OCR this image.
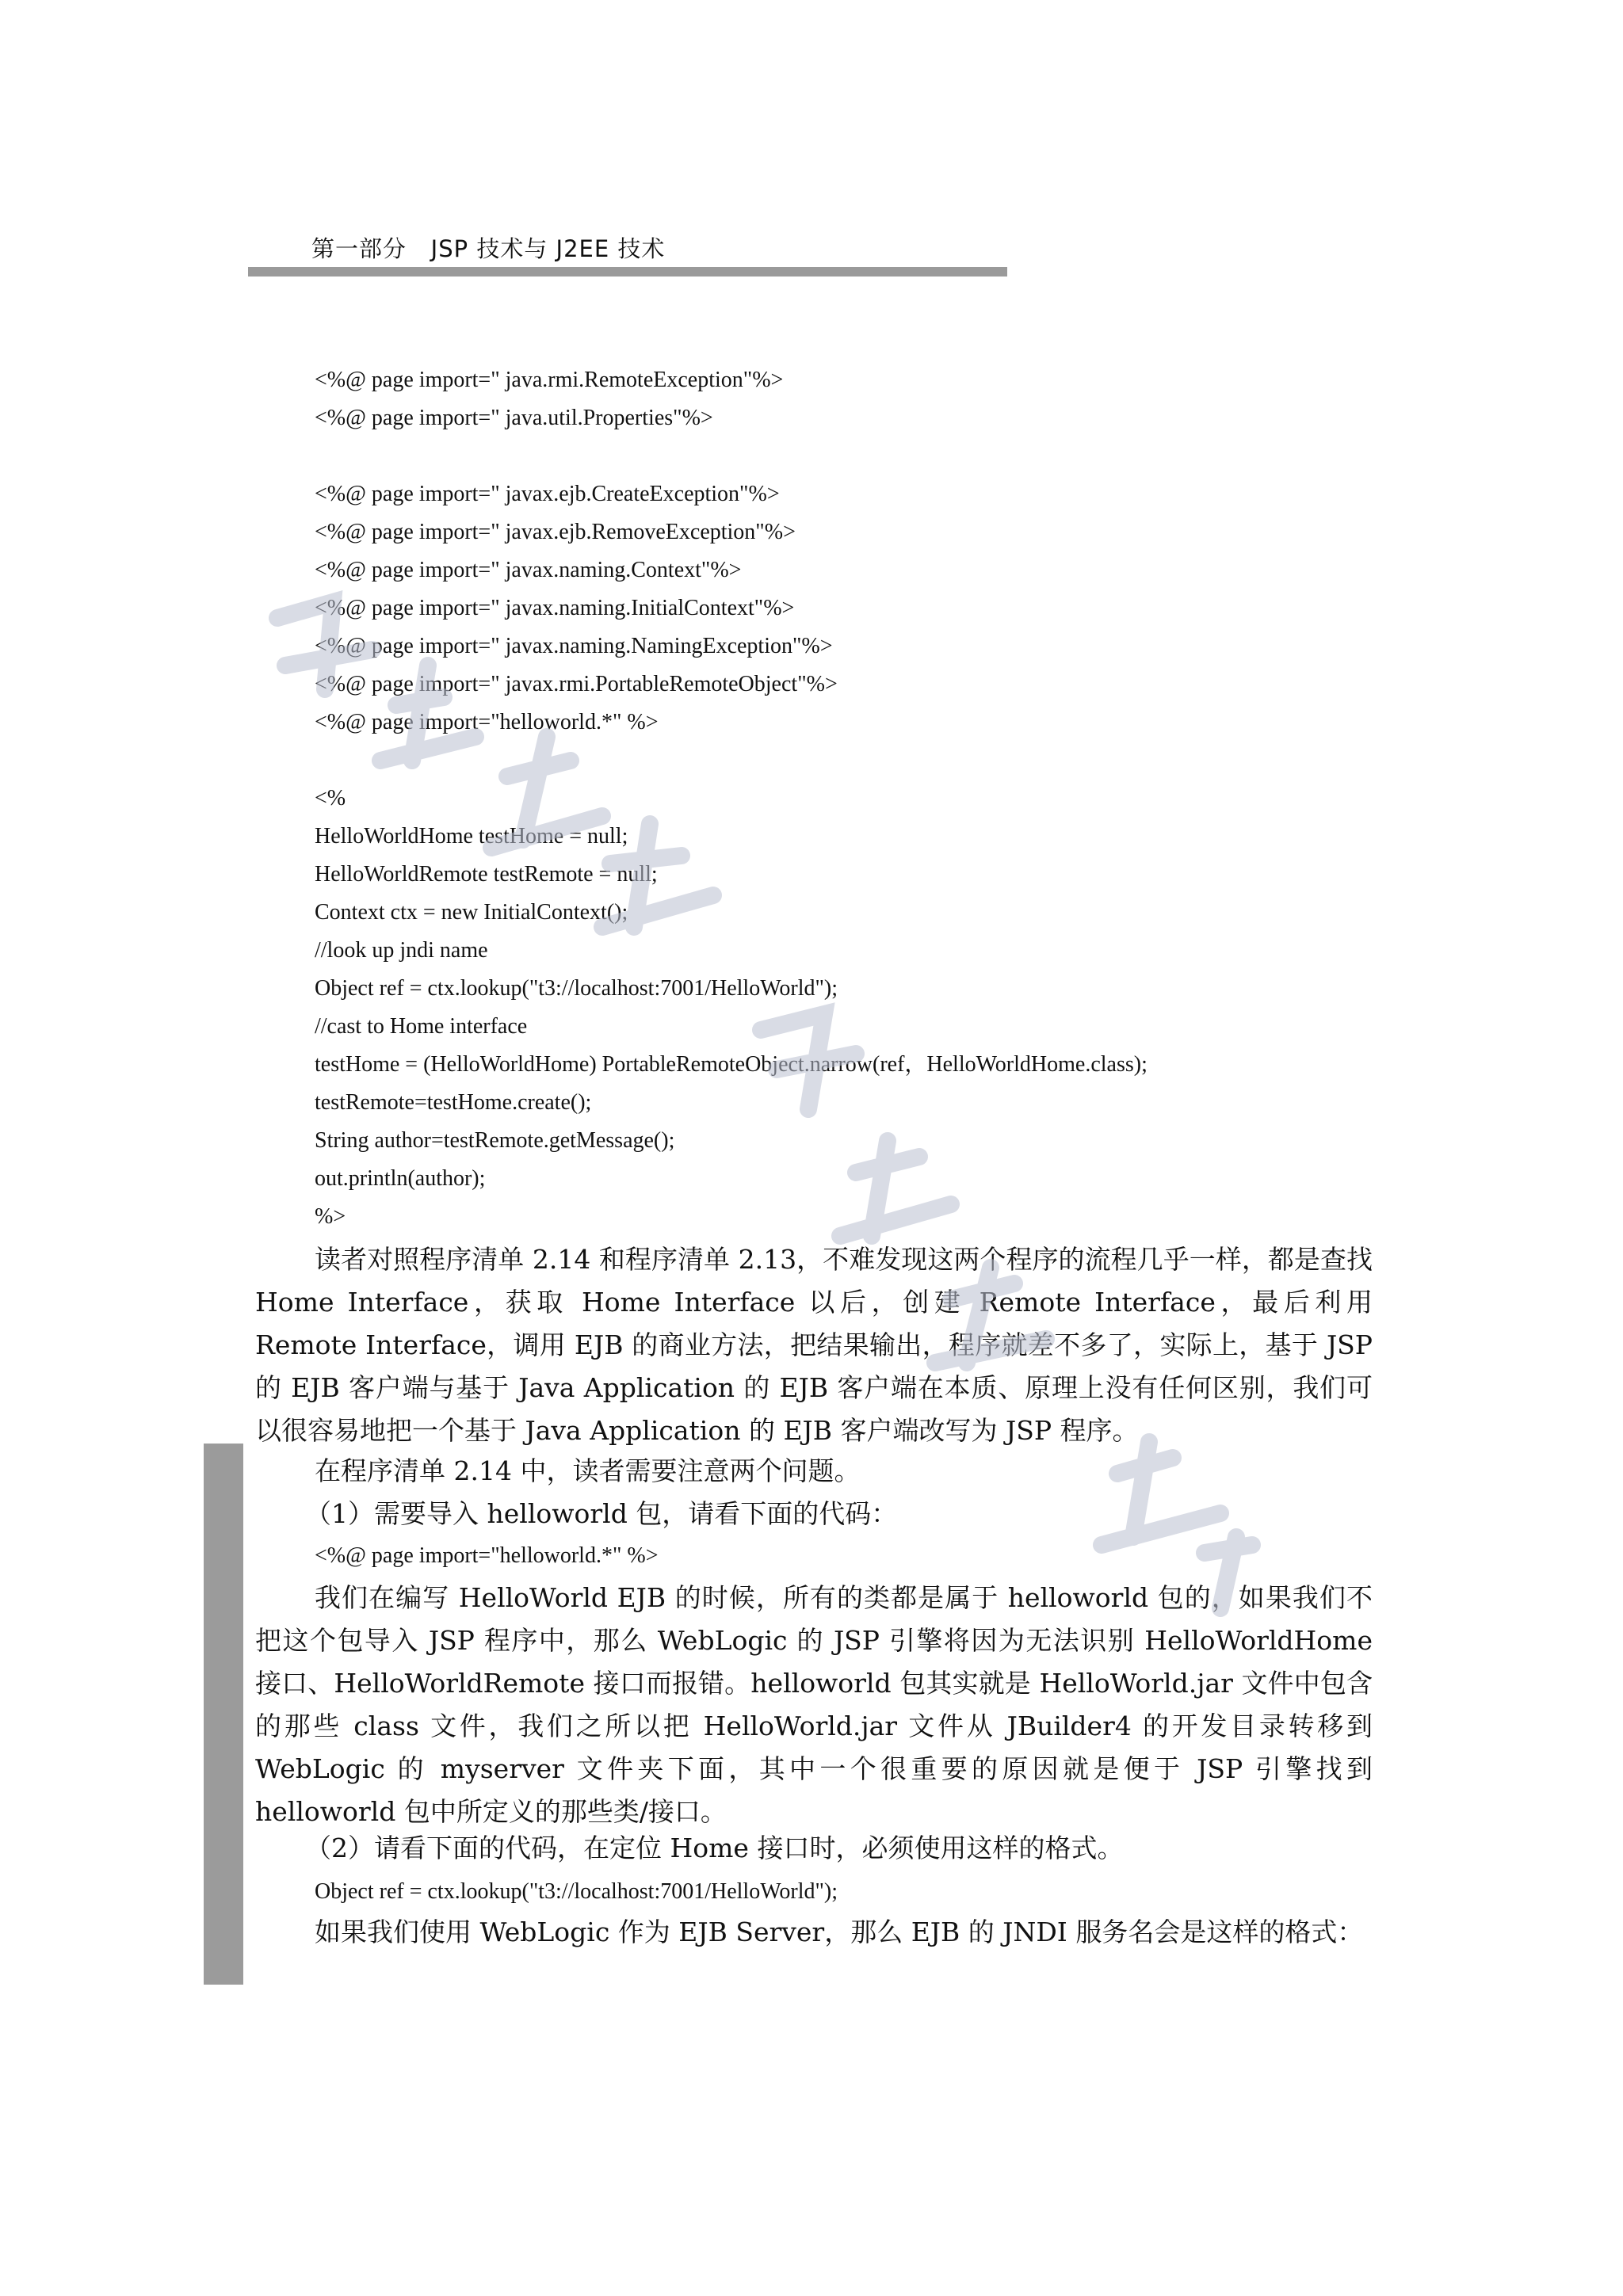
第一部分   JSP 技术与 J2EE 技术
<%@ page import=" java.rmi.RemoteException"%>
<%@ page import=" java.util.Properties"%>
<%@ page import=" javax.ejb.CreateException"%>
<%@ page import=" javax.ejb.RemoveException"%>
<%@ page import=" javax.naming.Context"%>
<%@ page import=" javax.naming.InitialContext"%>
<%@ page import=" javax.naming.NamingException"%>
<%@ page import=" javax.rmi.PortableRemoteObject"%>
<%@ page import="helloworld.*" %>
<%
HelloWorldHome testHome = null;
HelloWorldRemote testRemote = null;
Context ctx = new InitialContext();
//look up jndi name
Object ref = ctx.lookup("t3://localhost:7001/HelloWorld");
//cast to Home interface
testHome = (HelloWorldHome) PortableRemoteObject.narrow(ref，HelloWorldHome.class);
testRemote=testHome.create();
String author=testRemote.getMessage();
out.println(author);
%>

读者对照程序清单 2.14 和程序清单 2.13，不难发现这两个程序的流程几乎一样，都是查找 Home Interface，获取 Home Interface 以后，创建 Remote Interface，最后利用 Remote Interface，调用 EJB 的商业方法，把结果输出，程序就差不多了，实际上，基于 JSP 的 EJB 客户端与基于 Java Application 的 EJB 客户端在本质、原理上没有任何区别，我们可以很容易地把一个基于 Java Application 的 EJB 客户端改写为 JSP 程序。

在程序清单 2.14 中，读者需要注意两个问题。

（1）需要导入 helloworld 包，请看下面的代码：
<%@ page import="helloworld.*" %>

我们在编写 HelloWorld EJB 的时候，所有的类都是属于 helloworld 包的，如果我们不把这个包导入 JSP 程序中，那么 WebLogic 的 JSP 引擎将因为无法识别 HelloWorldHome 接口、HelloWorldRemote 接口而报错。helloworld 包其实就是 HelloWorld.jar 文件中包含的那些 class 文件，我们之所以把 HelloWorld.jar 文件从 JBuilder4 的开发目录转移到 WebLogic 的 myserver 文件夹下面，其中一个很重要的原因就是便于 JSP 引擎找到 helloworld 包中所定义的那些类/接口。

（2）请看下面的代码，在定位 Home 接口时，必须使用这样的格式。
Object ref = ctx.lookup("t3://localhost:7001/HelloWorld");

如果我们使用 WebLogic 作为 EJB Server，那么 EJB 的 JNDI 服务名会是这样的格式：
